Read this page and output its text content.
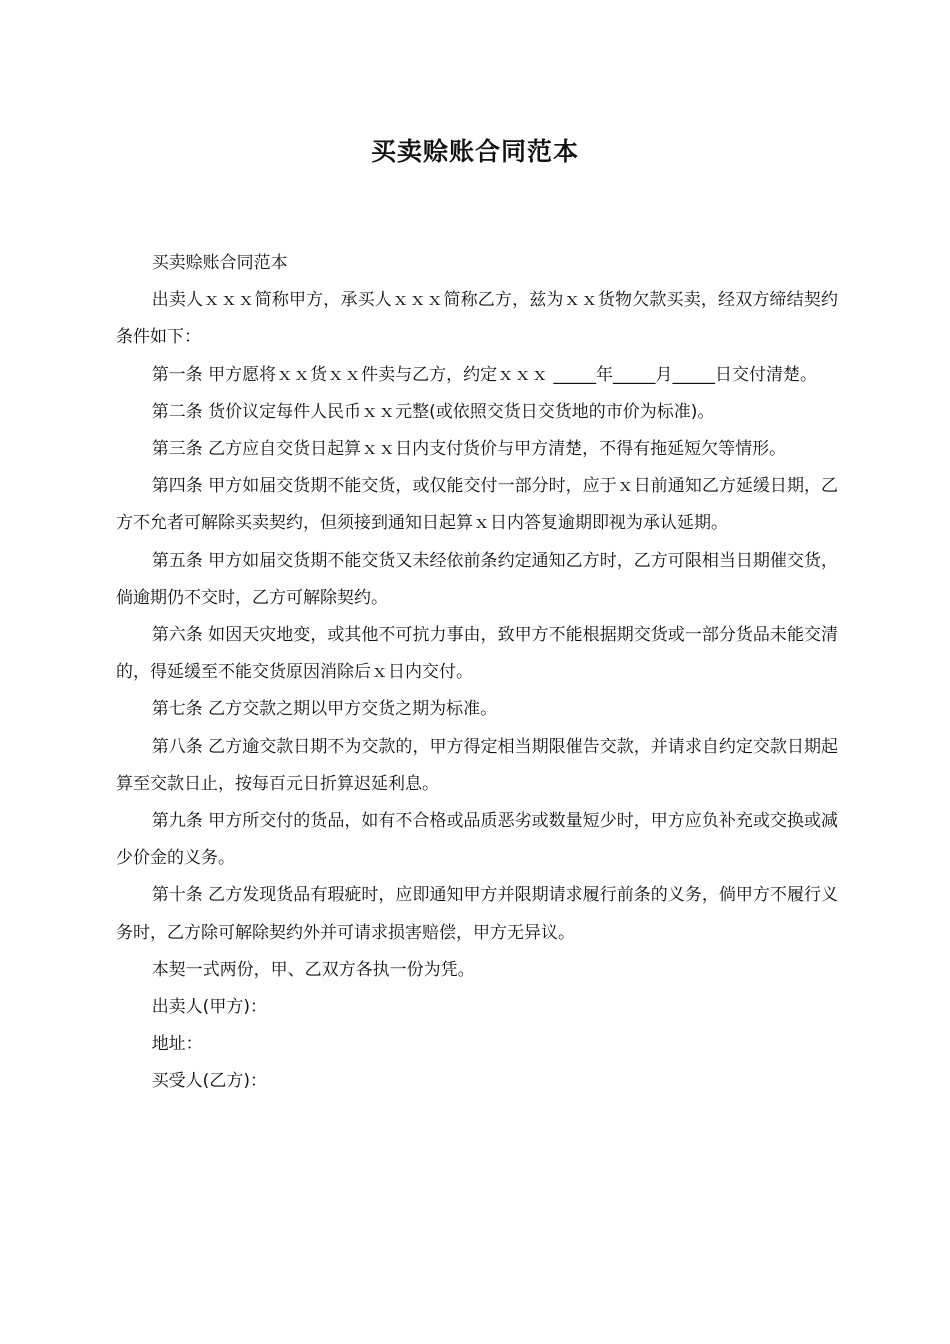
买卖赊账合同范本

买卖赊账合同范本

出卖人ｘｘｘ简称甲方，承买人ｘｘｘ简称乙方，兹为ｘｘ货物欠款买卖，经双方缔结契约条件如下：

第一条 甲方愿将ｘｘ货ｘｘ件卖与乙方，约定ｘｘｘ _____年_____月_____日交付清楚。

第二条 货价议定每件人民币ｘｘ元整(或依照交货日交货地的市价为标准)。

第三条 乙方应自交货日起算ｘｘ日内支付货价与甲方清楚，不得有拖延短欠等情形。

第四条 甲方如届交货期不能交货，或仅能交付一部分时，应于ｘ日前通知乙方延缓日期，乙方不允者可解除买卖契约，但须接到通知日起算ｘ日内答复逾期即视为承认延期。

第五条 甲方如届交货期不能交货又未经依前条约定通知乙方时，乙方可限相当日期催交货，倘逾期仍不交时，乙方可解除契约。

第六条 如因天灾地变，或其他不可抗力事由，致甲方不能根据期交货或一部分货品未能交清的，得延缓至不能交货原因消除后ｘ日内交付。

第七条 乙方交款之期以甲方交货之期为标准。

第八条 乙方逾交款日期不为交款的，甲方得定相当期限催告交款，并请求自约定交款日期起算至交款日止，按每百元日折算迟延利息。

第九条 甲方所交付的货品，如有不合格或品质恶劣或数量短少时，甲方应负补充或交换或减少价金的义务。

第十条 乙方发现货品有瑕疵时，应即通知甲方并限期请求履行前条的义务，倘甲方不履行义务时，乙方除可解除契约外并可请求损害赔偿，甲方无异议。

本契一式两份，甲、乙双方各执一份为凭。

出卖人(甲方)：

地址：

买受人(乙方)：
